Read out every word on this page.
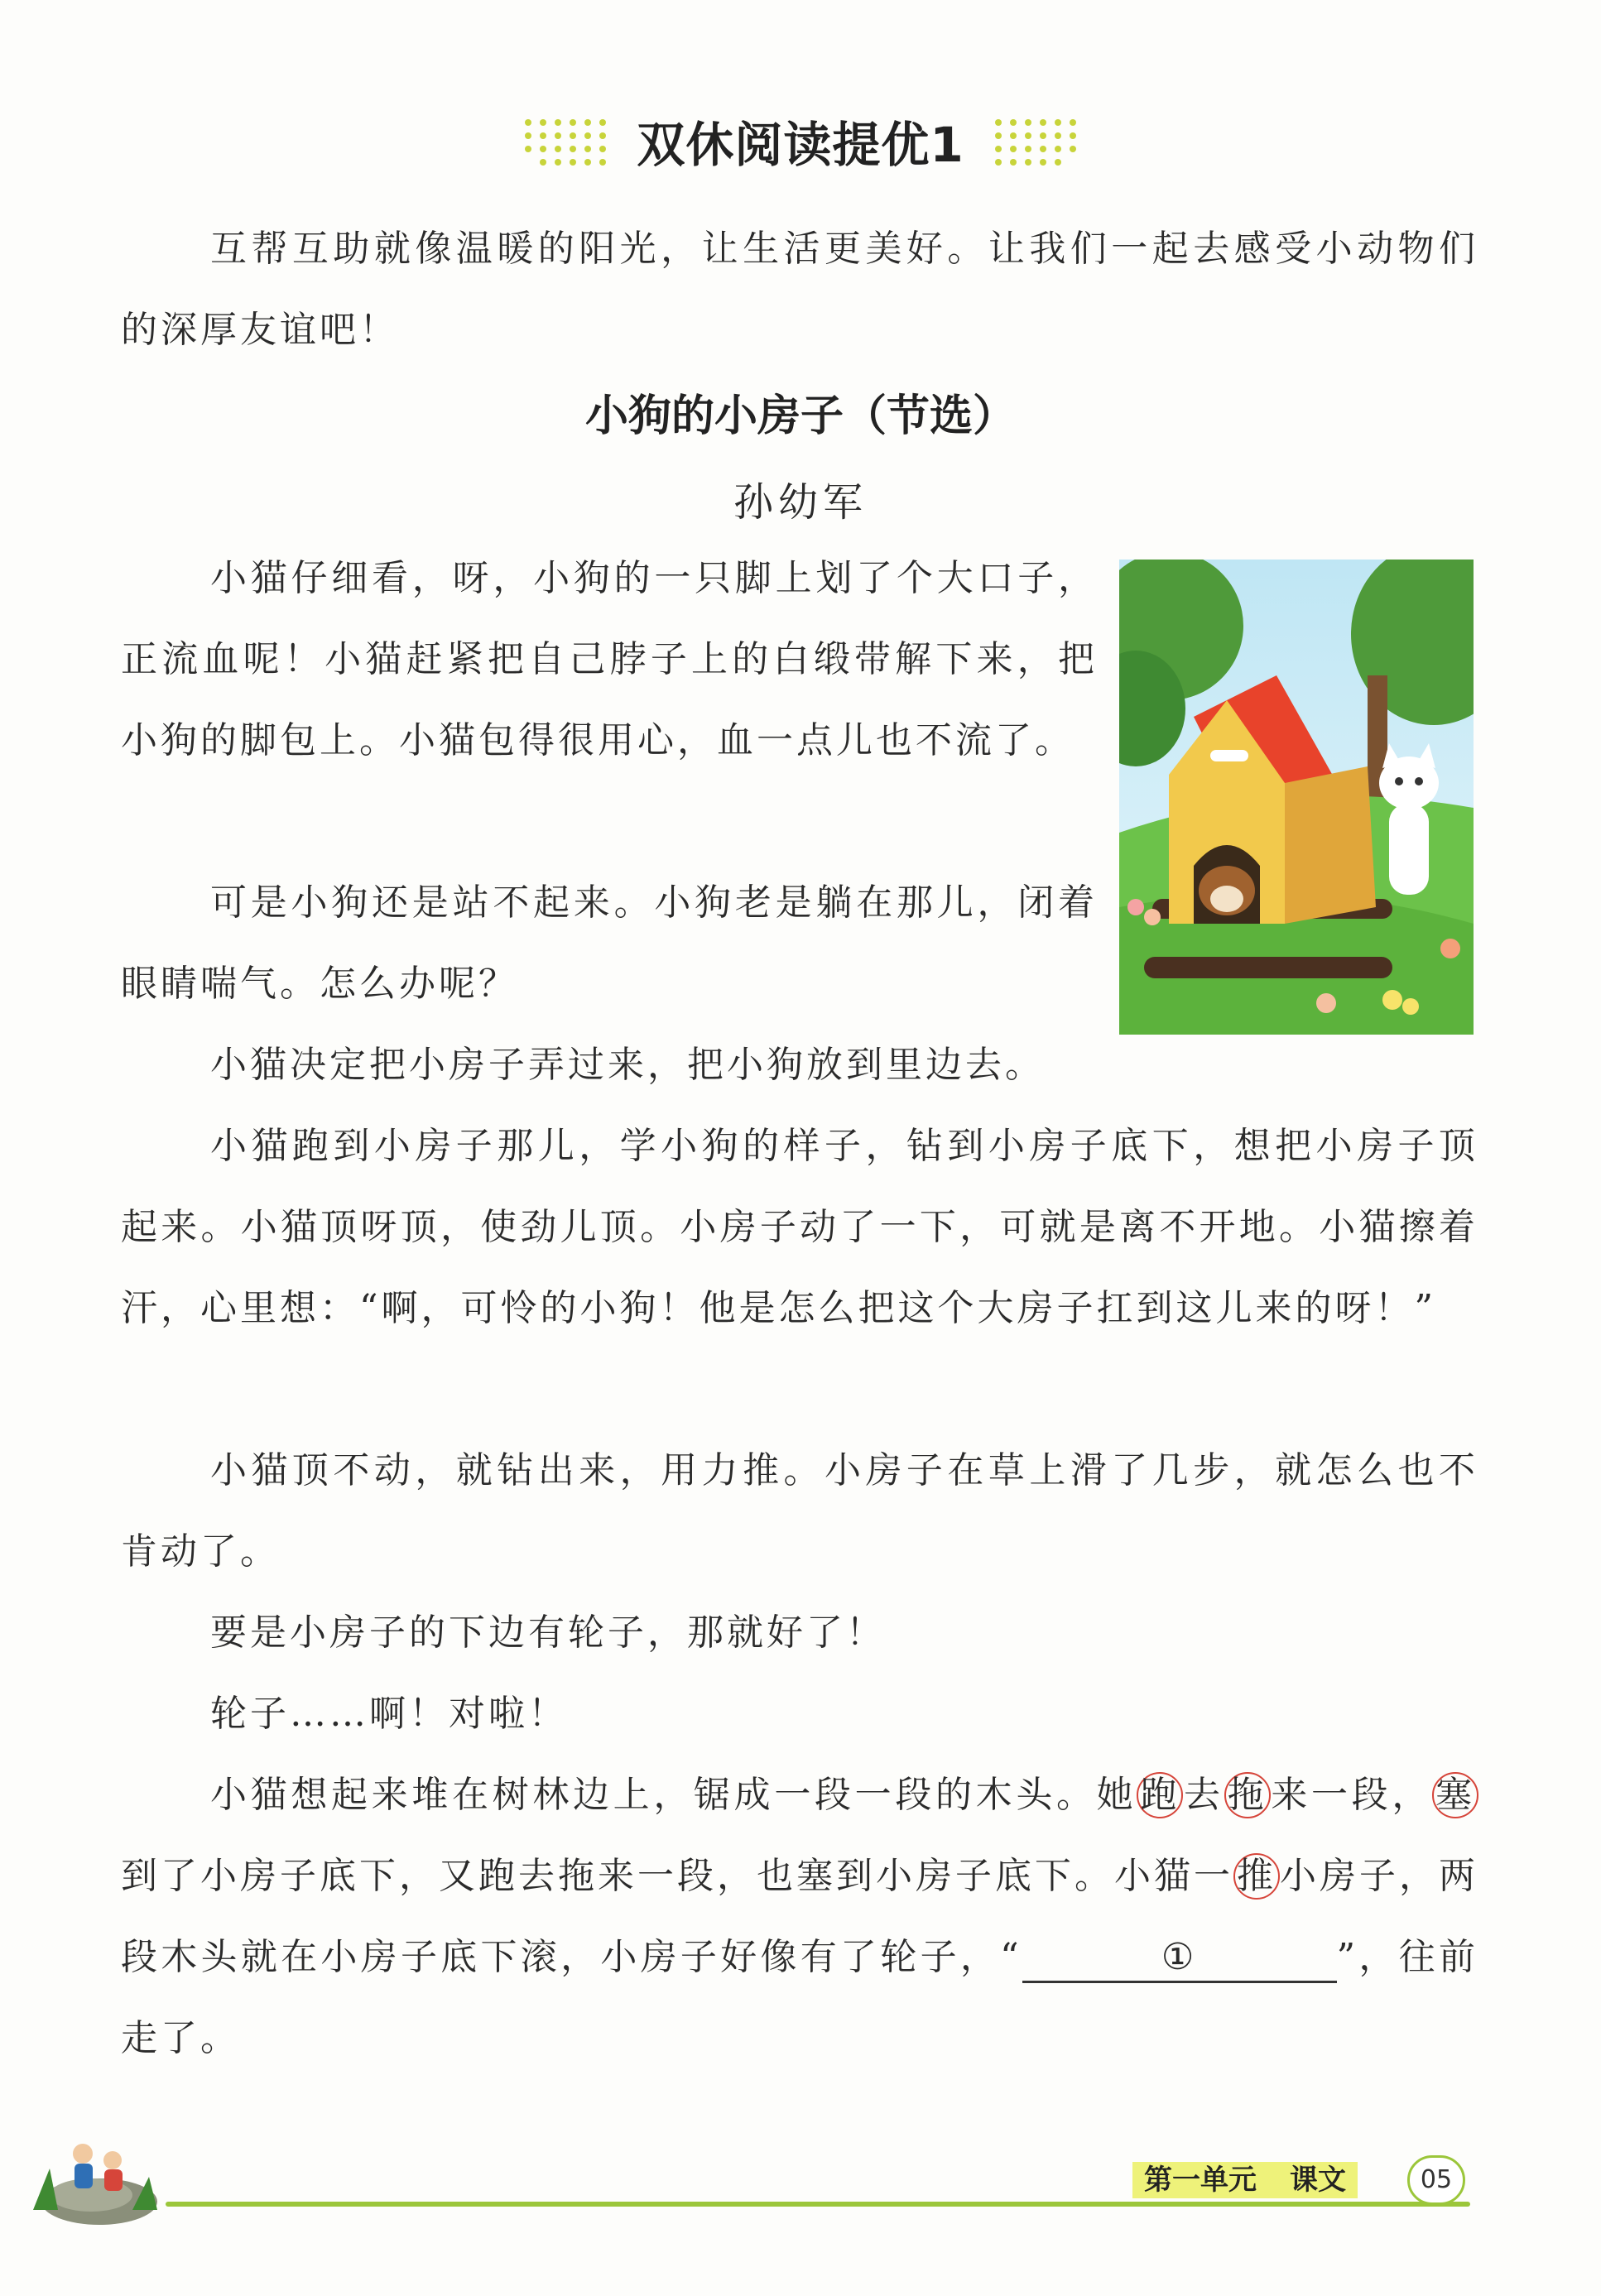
双休阅读提优1

互帮互助就像温暖的阳光，让生活更美好。让我们一起去感受小动物们的深厚友谊吧！

小狗的小房子（节选）
孙幼军

小猫仔细看，呀，小狗的一只脚上划了个大口子，正流血呢！小猫赶紧把自己脖子上的白缎带解下来，把小狗的脚包上。小猫包得很用心，血一点儿也不流了。

可是小狗还是站不起来。小狗老是躺在那儿，闭着眼睛喘气。怎么办呢？

小猫决定把小房子弄过来，把小狗放到里边去。

小猫跑到小房子那儿，学小狗的样子，钻到小房子底下，想把小房子顶起来。小猫顶呀顶，使劲儿顶。小房子动了一下，可就是离不开地。小猫擦着汗，心里想：“啊，可怜的小狗！他是怎么把这个大房子扛到这儿来的呀！”

小猫顶不动，就钻出来，用力推。小房子在草上滑了几步，就怎么也不肯动了。

要是小房子的下边有轮子，那就好了！

轮子……啊！对啦！

小猫想起来堆在树林边上，锯成一段一段的木头。她跑去拖来一段，塞到了小房子底下，又跑去拖来一段，也塞到小房子底下。小猫一推小房子，两段木头就在小房子底下滚，小房子好像有了轮子，“	①	”，往前走了。

第一单元 课文	05
